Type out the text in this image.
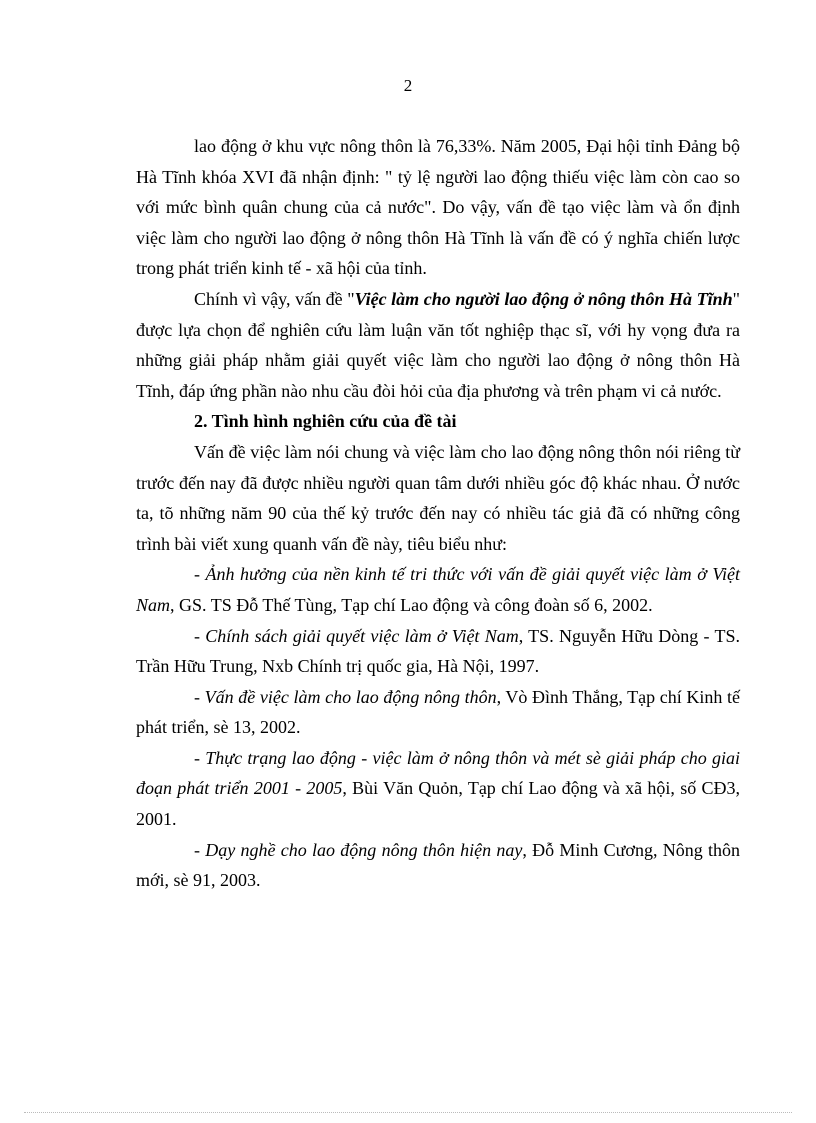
2

lao động ở khu vực nông thôn là 76,33%. Năm 2005, Đại hội tỉnh Đảng bộ Hà Tĩnh khóa XVI đã nhận định: " tỷ lệ người lao động thiếu việc làm còn cao so với mức bình quân chung của cả nước". Do vậy, vấn đề tạo việc làm và ổn định việc làm cho người lao động ở nông thôn Hà Tĩnh là vấn đề có ý nghĩa chiến lược trong phát triển kinh tế - xã hội của tỉnh.

Chính vì vậy, vấn đề "Việc làm cho người lao động ở nông thôn Hà Tĩnh" được lựa chọn để nghiên cứu làm luận văn tốt nghiệp thạc sĩ, với hy vọng đưa ra những giải pháp nhằm giải quyết việc làm cho người lao động ở nông thôn Hà Tĩnh, đáp ứng phần nào nhu cầu đòi hỏi của địa phương và trên phạm vi cả nước.

2. Tình hình nghiên cứu của đề tài

Vấn đề việc làm nói chung và việc làm cho lao động nông thôn nói riêng từ trước đến nay đã được nhiều người quan tâm dưới nhiều góc độ khác nhau. Ở nước ta, tõ những năm 90 của thế kỷ trước đến nay có nhiều tác giả đã có những công trình bài viết xung quanh vấn đề này, tiêu biểu như:

- Ảnh hưởng của nền kinh tế tri thức với vấn đề giải quyết việc làm ở Việt Nam, GS. TS Đỗ Thế Tùng, Tạp chí Lao động và công đoàn số 6, 2002.

- Chính sách giải quyết việc làm ở Việt Nam, TS. Nguyễn Hữu Dòng - TS. Trần Hữu Trung, Nxb Chính trị quốc gia, Hà Nội, 1997.

- Vấn đề việc làm cho lao động nông thôn, Vò Đình Thắng, Tạp chí Kinh tế phát triển, sè 13, 2002.

- Thực trạng lao động - việc làm ở nông thôn và mét sè giải pháp cho giai đoạn phát triển 2001 - 2005, Bùi Văn Quỏn, Tạp chí Lao động và xã hội, số CĐ3, 2001.

- Dạy nghề cho lao động nông thôn hiện nay, Đỗ Minh Cương, Nông thôn mới, sè 91, 2003.
